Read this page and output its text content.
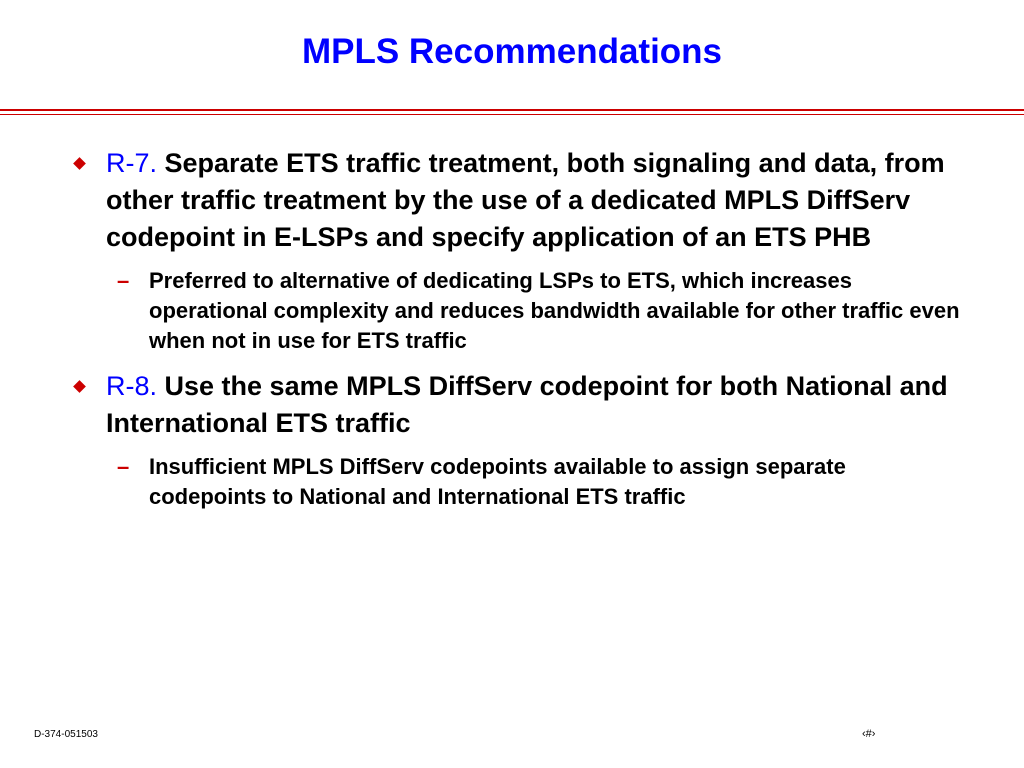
MPLS Recommendations
R-7. Separate ETS traffic treatment, both signaling and data, from other traffic treatment by the use of a dedicated MPLS DiffServ codepoint in E-LSPs and specify application of an ETS PHB
– Preferred to alternative of dedicating LSPs to ETS, which increases operational complexity and reduces bandwidth available for other traffic even when not in use for ETS traffic
R-8. Use the same MPLS DiffServ codepoint for both National and International ETS traffic
– Insufficient MPLS DiffServ codepoints available to assign separate codepoints to National and International ETS traffic
D-374-051503	‹#›
